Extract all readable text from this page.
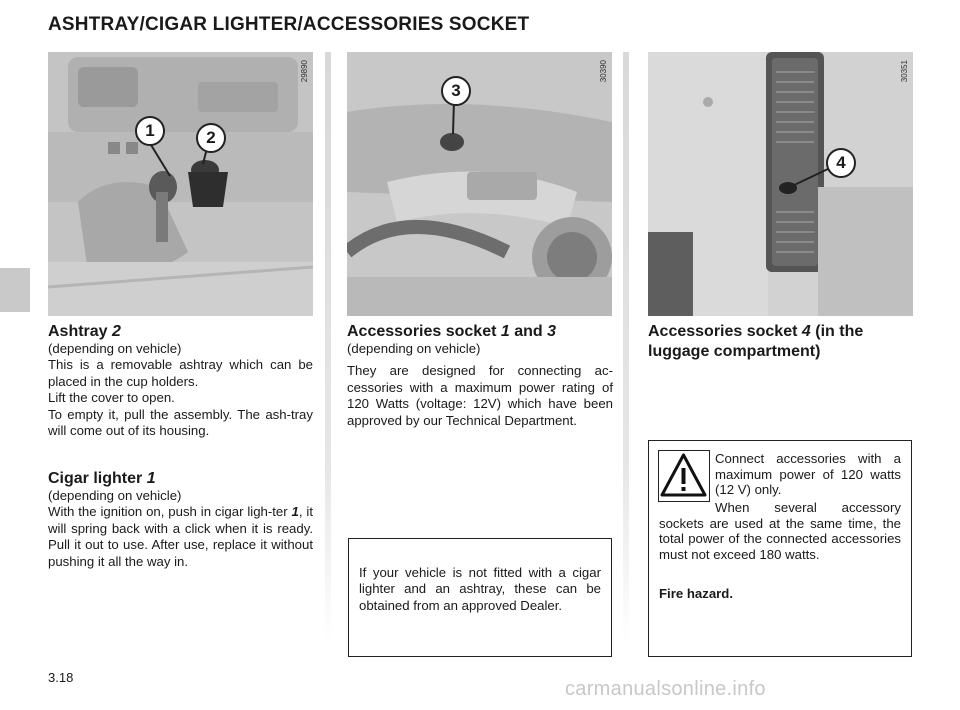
ASHTRAY/CIGAR LIGHTER/ACCESSORIES SOCKET
29890
1	2
30390
3
30351
4
Ashtray 2

(depending on vehicle)

This is a removable ashtray which can be placed in the cup holders.

Lift the cover to open.

To empty it, pull the assembly. The ash-tray will come out of its housing.

Cigar lighter 1

(depending on vehicle)

With the ignition on, push in cigar ligh-ter 1, it will spring back with a click when it is ready. Pull it out to use. After use, replace it without pushing it all the way in.

Accessories socket 1 and 3

(depending on vehicle)

They are designed for connecting ac-cessories with a maximum power rating of 120 Watts (voltage: 12V) which have been approved by our Technical Department.

If your vehicle is not fitted with a cigar lighter and an ashtray, these can be obtained from an approved Dealer.
Accessories socket 4 (in the luggage compartment)
Connect accessories with a maximum power of 120 watts (12 V) only.
When several accessory sockets are used at the same time, the total power of the connected accessories must not exceed 180 watts.
Fire hazard.
3.18
carmanualsonline.info
